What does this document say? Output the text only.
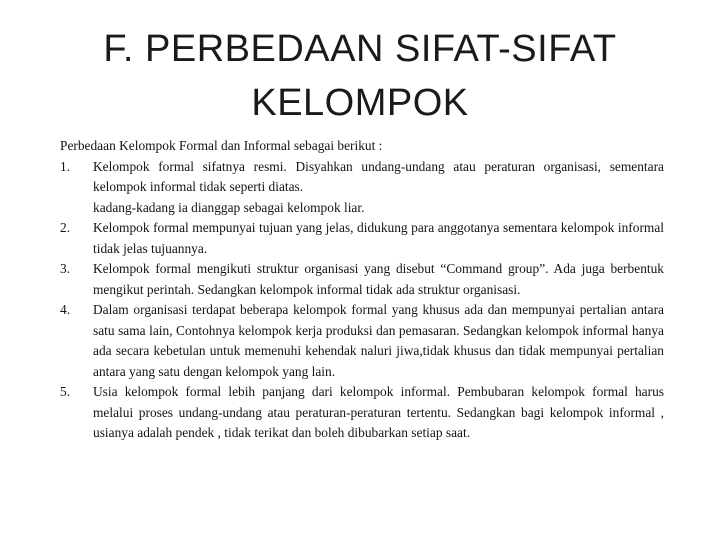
F. PERBEDAAN SIFAT-SIFAT
KELOMPOK

Perbedaan Kelompok Formal dan Informal sebagai berikut :

1. Kelompok formal sifatnya resmi. Disyahkan undang-undang atau peraturan organisasi, sementara kelompok informal tidak seperti diatas.
kadang-kadang ia dianggap sebagai kelompok liar.
2. Kelompok formal mempunyai tujuan yang jelas, didukung para anggotanya sementara kelompok informal tidak jelas tujuannya.
3. Kelompok formal mengikuti struktur organisasi yang disebut “Command group”. Ada juga berbentuk mengikut perintah. Sedangkan kelompok informal tidak ada struktur organisasi.
4. Dalam organisasi terdapat beberapa kelompok formal yang khusus ada dan mempunyai pertalian antara satu sama lain, Contohnya kelompok kerja produksi dan pemasaran. Sedangkan kelompok informal hanya ada secara kebetulan untuk memenuhi kehendak naluri jiwa,tidak khusus dan tidak mempunyai pertalian antara yang satu dengan kelompok yang lain.
5. Usia kelompok formal lebih panjang dari kelompok informal. Pembubaran kelompok formal harus melalui proses undang-undang atau peraturan-peraturan tertentu. Sedangkan bagi kelompok informal , usianya adalah pendek , tidak terikat dan boleh dibubarkan setiap saat.
